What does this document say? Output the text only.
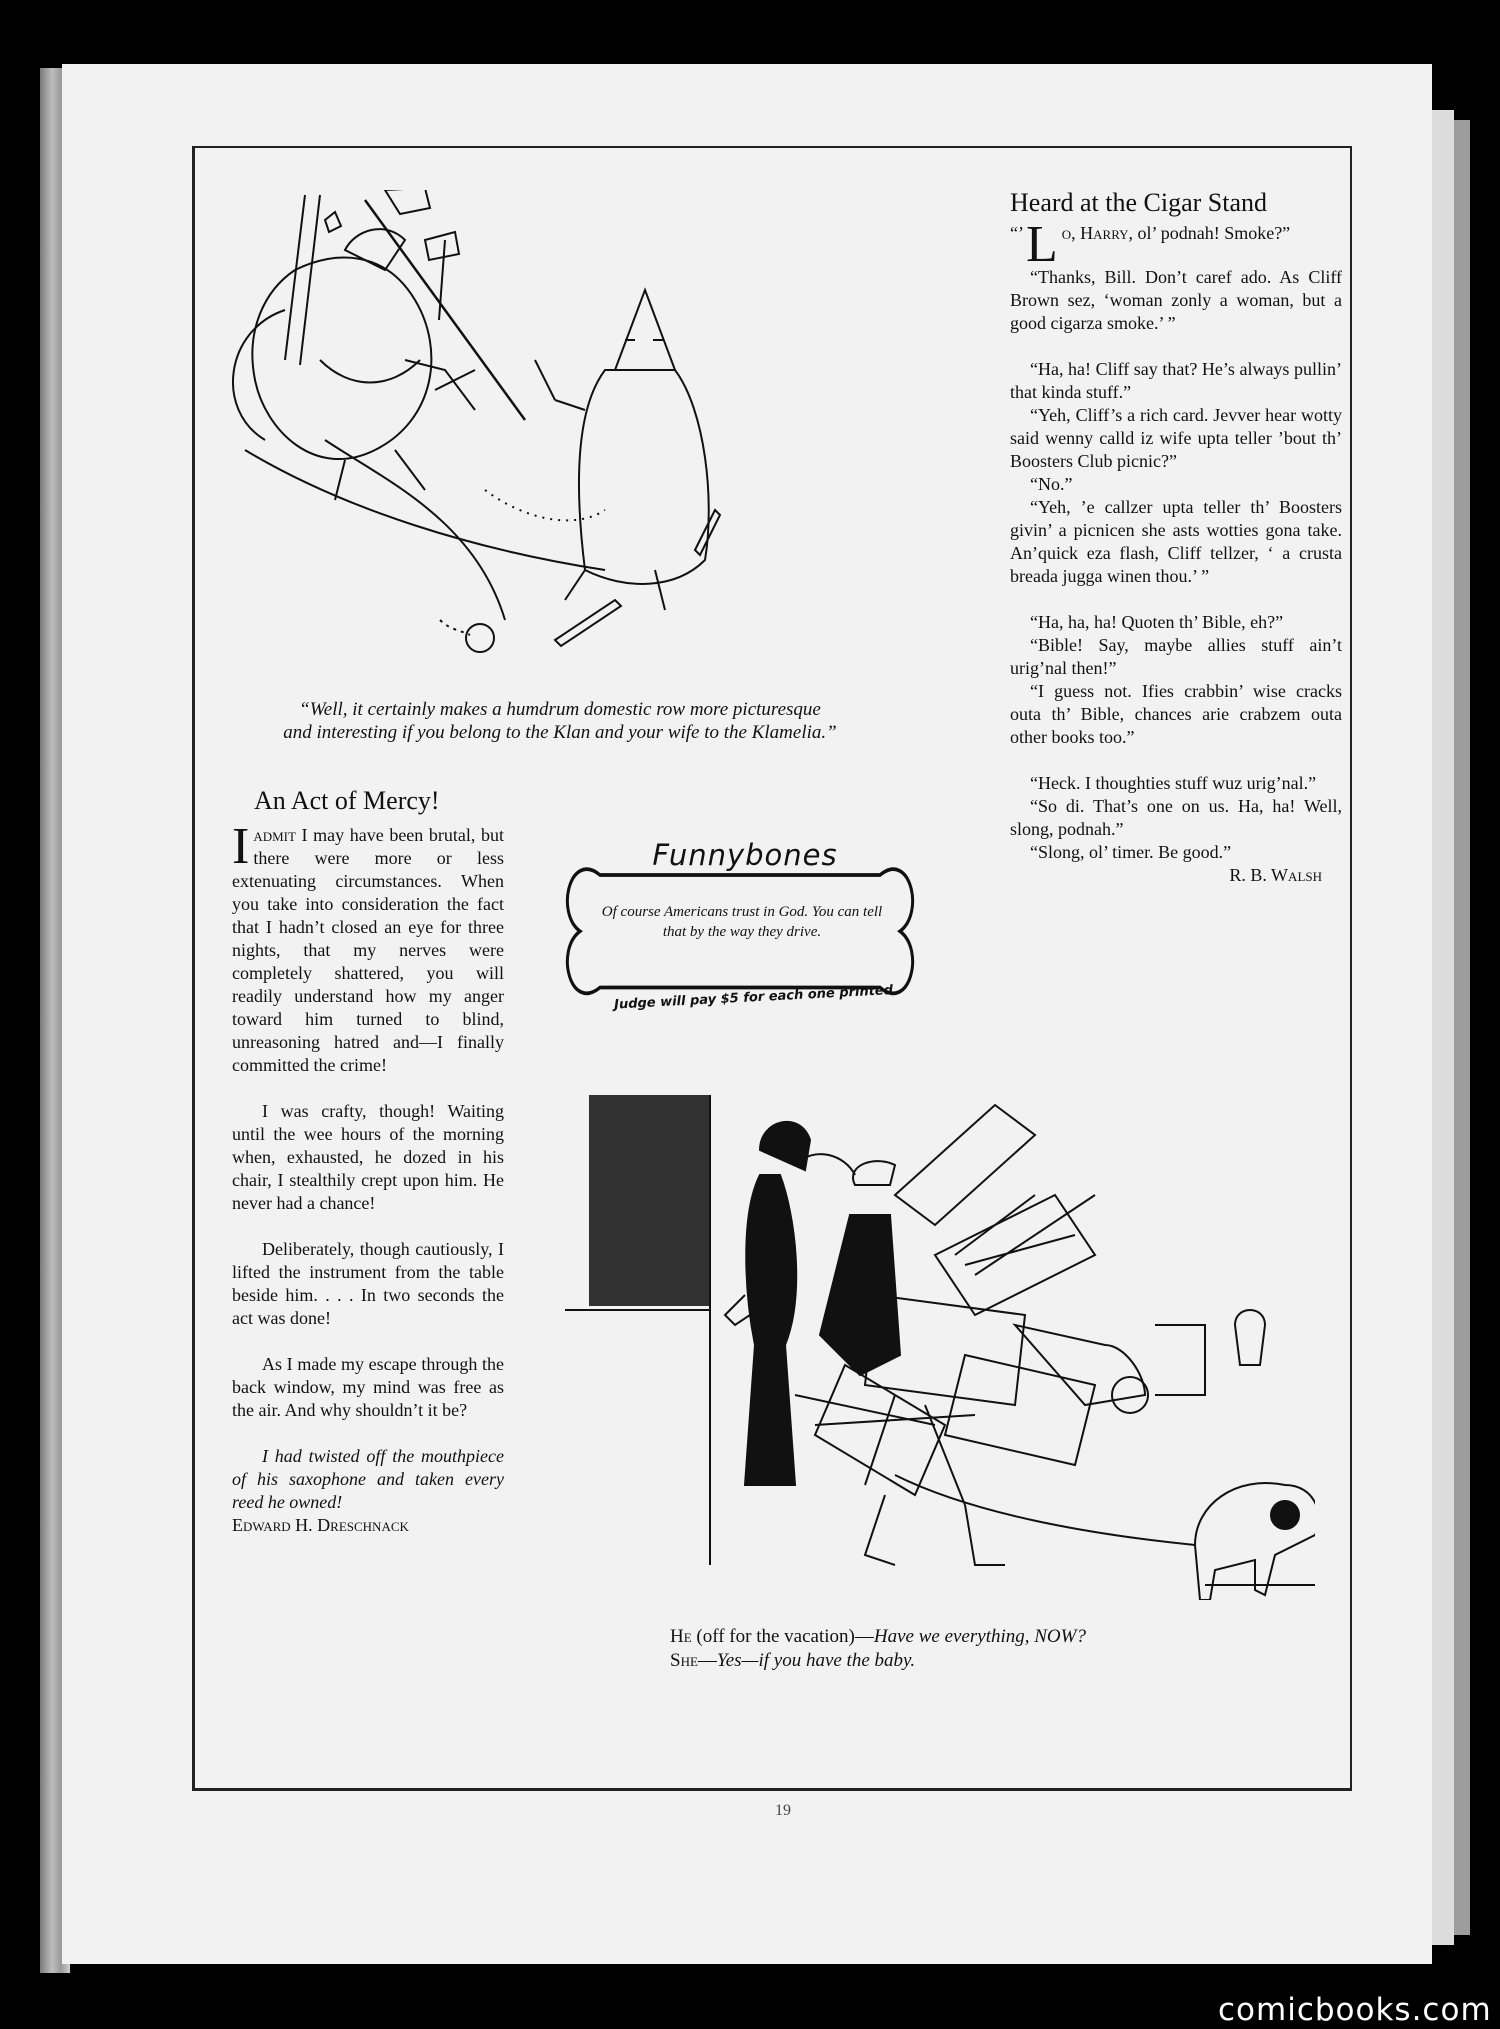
“Well, it certainly makes a humdrum domestic row more picturesque
and interesting if you belong to the Klan and your wife to the Klamelia.”
Heard at the Cigar Stand

“’ L o, Harry, ol’ podnah! Smoke?”

“Thanks, Bill. Don’t caref ado. As Cliff Brown sez, ‘woman zonly a woman, but a good cigarza smoke.’ ”

“Ha, ha! Cliff say that? He’s always pullin’ that kinda stuff.”

“Yeh, Cliff’s a rich card. Jevver hear wotty said wenny calld iz wife upta teller ’bout th’ Boosters Club picnic?”

“No.”

“Yeh, ’e callzer upta teller th’ Boosters givin’ a picnicen she asts wotties gona take. An’quick eza flash, Cliff tellzer, ‘ a crusta breada jugga winen thou.’ ”

“Ha, ha, ha! Quoten th’ Bible, eh?”

“Bible! Say, maybe allies stuff ain’t urig’nal then!”

“I guess not. Ifies crabbin’ wise cracks outa th’ Bible, chances arie crabzem outa other books too.”

“Heck. I thoughties stuff wuz urig’nal.”

“So di. That’s one on us. Ha, ha! Well, slong, podnah.”

“Slong, ol’ timer. Be good.”

R. B. Walsh

An Act of Mercy!

Iadmit I may have been brutal, but there were more or less extenuating circumstances. When you take into consideration the fact that I hadn’t closed an eye for three nights, that my nerves were completely shattered, you will readily understand how my anger toward him turned to blind, unreasoning hatred and—I finally committed the crime!

I was crafty, though! Waiting until the wee hours of the morning when, exhausted, he dozed in his chair, I stealthily crept upon him. He never had a chance!

Deliberately, though cautiously, I lifted the instrument from the table beside him. . . . In two seconds the act was done!

As I made my escape through the back window, my mind was free as the air. And why shouldn’t it be?

I had twisted off the mouthpiece of his saxophone and taken every reed he owned!

Edward H. Dreschnack

Funnybones
Of course Americans trust in God. You can tell that by the way they drive.
Judge will pay $5 for each one printed
He (off for the vacation)—Have we everything, NOW?
She—Yes—if you have the baby.
19
comicbooks.com
